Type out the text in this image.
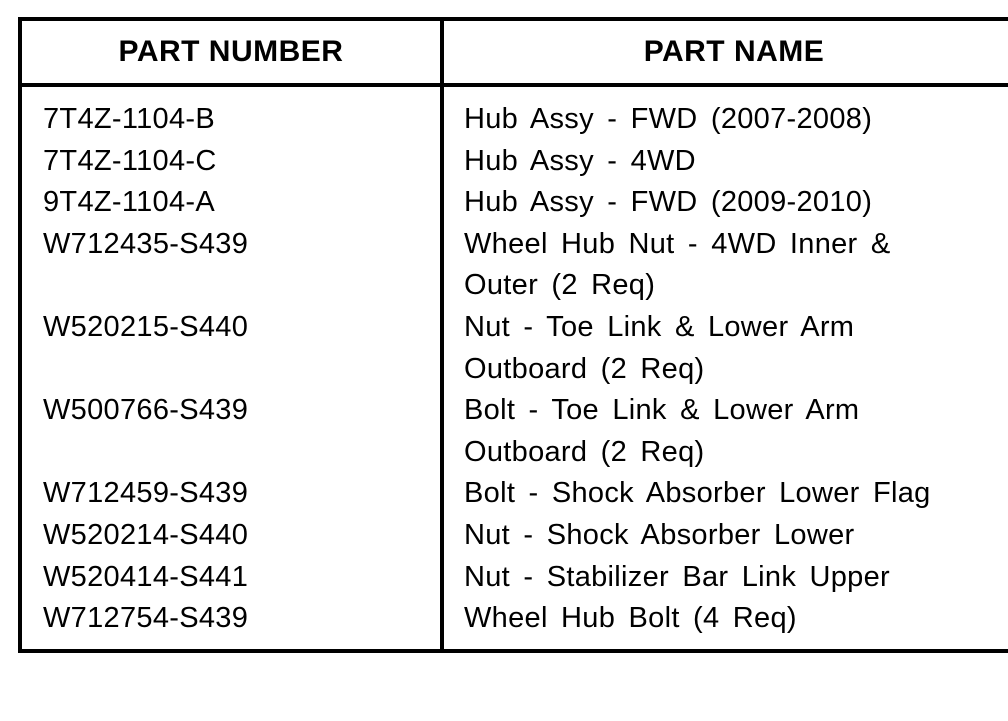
PART NUMBER	PART NAME
7T4Z-1104-B	Hub Assy - FWD (2007-2008)
7T4Z-1104-C	Hub Assy - 4WD
9T4Z-1104-A	Hub Assy - FWD (2009-2010)
W712435-S439	Wheel Hub Nut - 4WD Inner &
Outer (2 Req)
W520215-S440	Nut - Toe Link & Lower Arm
Outboard (2 Req)
W500766-S439	Bolt - Toe Link & Lower Arm
Outboard (2 Req)
W712459-S439	Bolt - Shock Absorber Lower Flag
W520214-S440	Nut - Shock Absorber Lower
W520414-S441	Nut - Stabilizer Bar Link Upper
W712754-S439	Wheel Hub Bolt (4 Req)
